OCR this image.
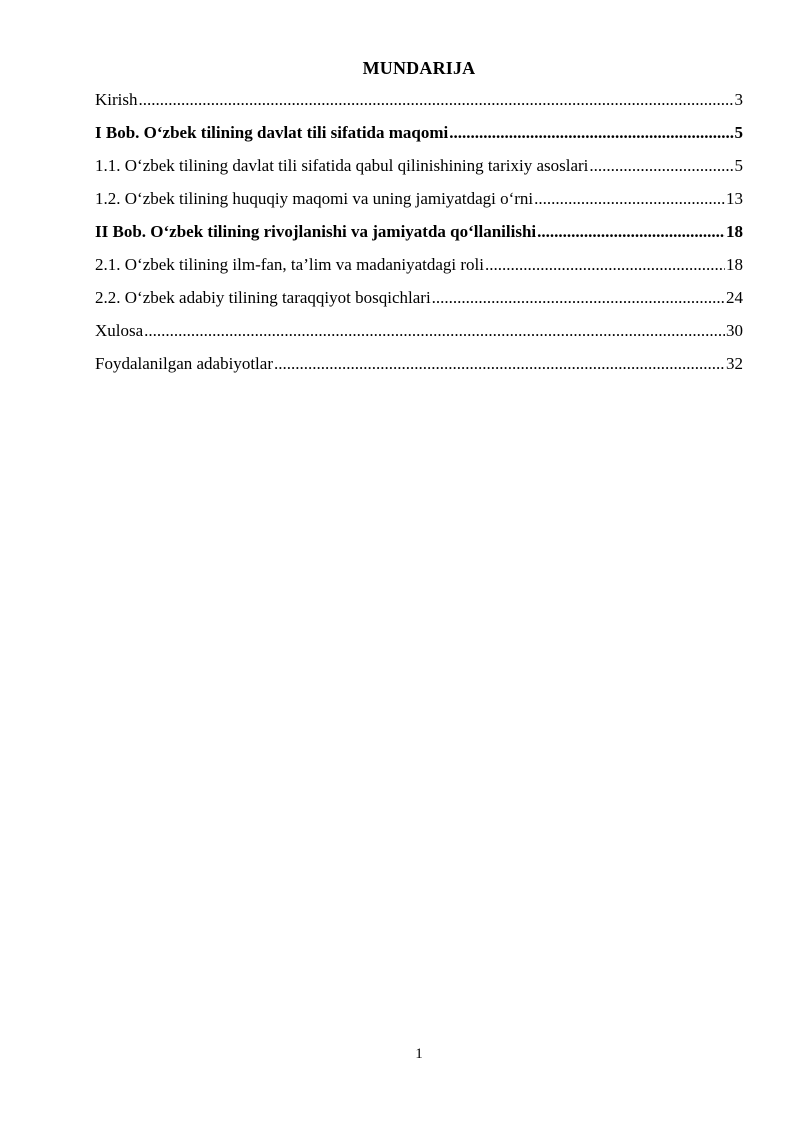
MUNDARIJA
Kirish .....	3
I Bob. O‘zbek tilining davlat tili sifatida maqomi .....	5
1.1. O‘zbek tilining davlat tili sifatida qabul qilinishining tarixiy asoslari .....	5
1.2. O‘zbek tilining huquqiy maqomi va uning jamiyatdagi o‘rni .....	13
II Bob. O‘zbek tilining rivojlanishi va jamiyatda qo‘llanilishi .....	18
2.1. O‘zbek tilining ilm-fan, ta’lim va madaniyatdagi roli .....	18
2.2. O‘zbek adabiy tilining taraqqiyot bosqichlari .....	24
Xulosa .....	30
Foydalanilgan adabiyotlar .....	32
1
